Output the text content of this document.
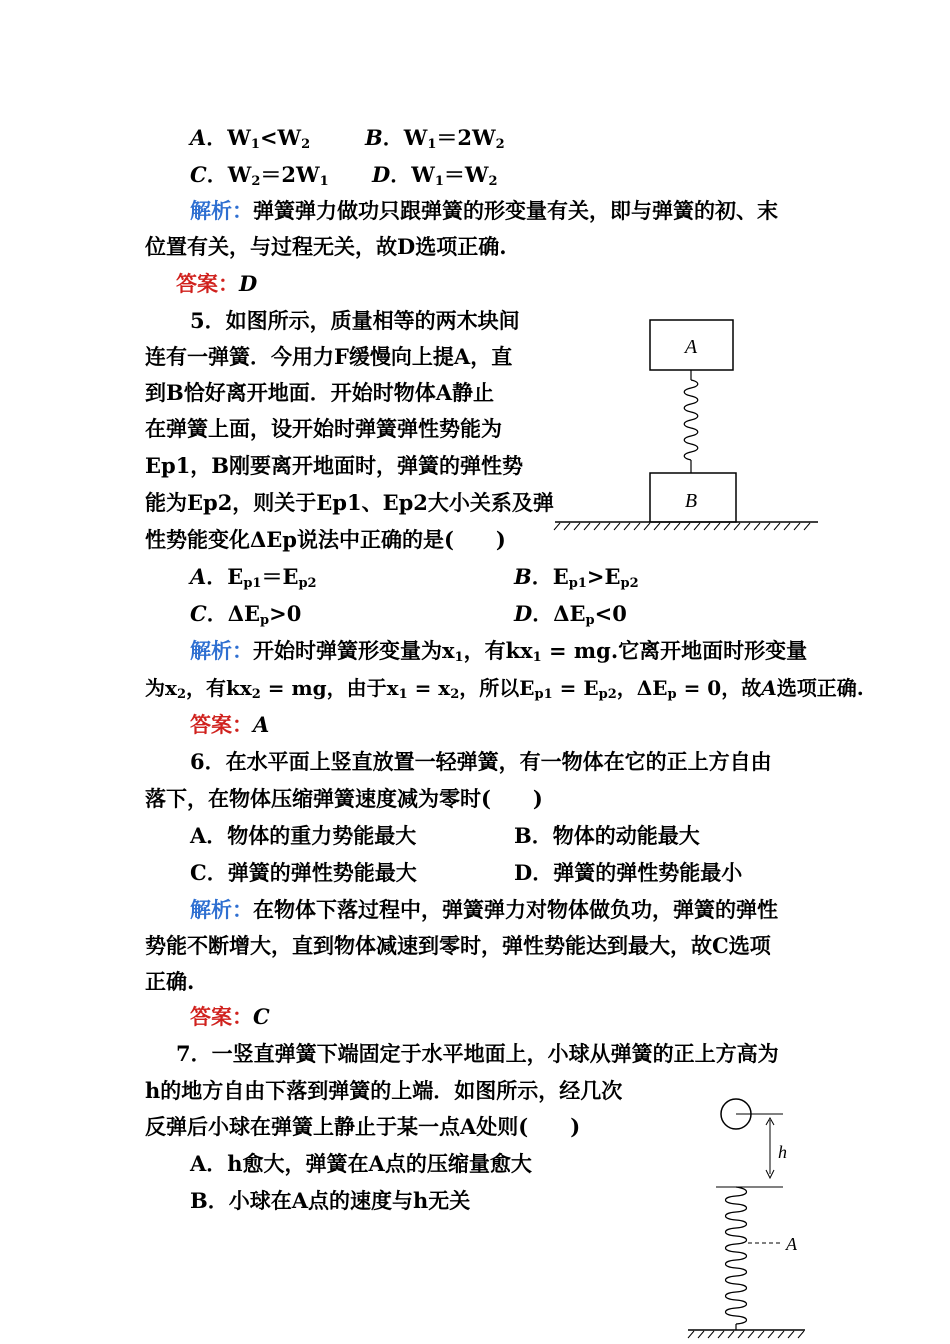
A．$W_1<W_2$	B．$W_1=2W_2$
C．$W_2=2W_1$ D．$W_1=W_2$
解析：弹簧弹力做功只跟弹簧的形变量有关，即与弹簧的初、末
位置有关，与过程无关，故D选项正确.
答案：D
5．如图所示，质量相等的两木块间
连有一弹簧．今用力F缓慢向上提A，直
到B恰好离开地面．开始时物体A静止
在弹簧上面，设开始时弹簧弹性势能为
Ep1，B刚要离开地面时，弹簧的弹性势
能为Ep2，则关于Ep1、Ep2大小关系及弹
性势能变化ΔEp说法中正确的是(　　)
A
B
A．$E_{p1}=E_{p2}$	B．$E_{p1}>E_{p2}$
C．$\Delta E_p>0$	D．$\Delta E_p<0$
解析：开始时弹簧形变量为$x_1$，有$kx_1$ = mg.它离开地面时形变量
为$x_2$，有$kx_2$ = mg，由于$x_1 = x_2$，所以$E_{p1} = E_{p2}$，$\Delta E_p = 0$，故A选项正确.
答案：A
6．在水平面上竖直放置一轻弹簧，有一物体在它的正上方自由
落下，在物体压缩弹簧速度减为零时(　　)
A．物体的重力势能最大	B．物体的动能最大
C．弹簧的弹性势能最大	D．弹簧的弹性势能最小
解析：在物体下落过程中，弹簧弹力对物体做负功，弹簧的弹性
势能不断增大，直到物体减速到零时，弹性势能达到最大，故C选项
正确.
答案：C
7．一竖直弹簧下端固定于水平地面上，小球从弹簧的正上方高为
h的地方自由下落到弹簧的上端．如图所示，经几次
反弹后小球在弹簧上静止于某一点A处则(　　)
A．h愈大，弹簧在A点的压缩量愈大
B．小球在A点的速度与h无关
h
A
